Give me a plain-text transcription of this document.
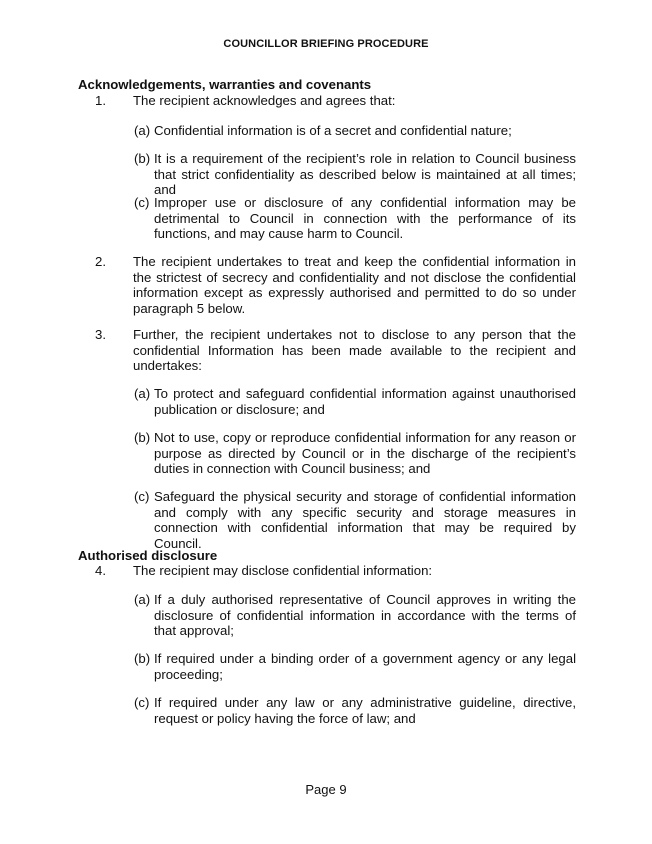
COUNCILLOR BRIEFING PROCEDURE
Acknowledgements, warranties and covenants
1. The recipient acknowledges and agrees that:
(a) Confidential information is of a secret and confidential nature;
(b) It is a requirement of the recipient’s role in relation to Council business that strict confidentiality as described below is maintained at all times; and
(c) Improper use or disclosure of any confidential information may be detrimental to Council in connection with the performance of its functions, and may cause harm to Council.
2. The recipient undertakes to treat and keep the confidential information in the strictest of secrecy and confidentiality and not disclose the confidential information except as expressly authorised and permitted to do so under paragraph 5 below.
3. Further, the recipient undertakes not to disclose to any person that the confidential Information has been made available to the recipient and undertakes:
(a) To protect and safeguard confidential information against unauthorised publication or disclosure; and
(b) Not to use, copy or reproduce confidential information for any reason or purpose as directed by Council or in the discharge of the recipient’s duties in connection with Council business; and
(c) Safeguard the physical security and storage of confidential information and comply with any specific security and storage measures in connection with confidential information that may be required by Council.
Authorised disclosure
4. The recipient may disclose confidential information:
(a) If a duly authorised representative of Council approves in writing the disclosure of confidential information in accordance with the terms of that approval;
(b) If required under a binding order of a government agency or any legal proceeding;
(c) If required under any law or any administrative guideline, directive, request or policy having the force of law; and
Page 9
